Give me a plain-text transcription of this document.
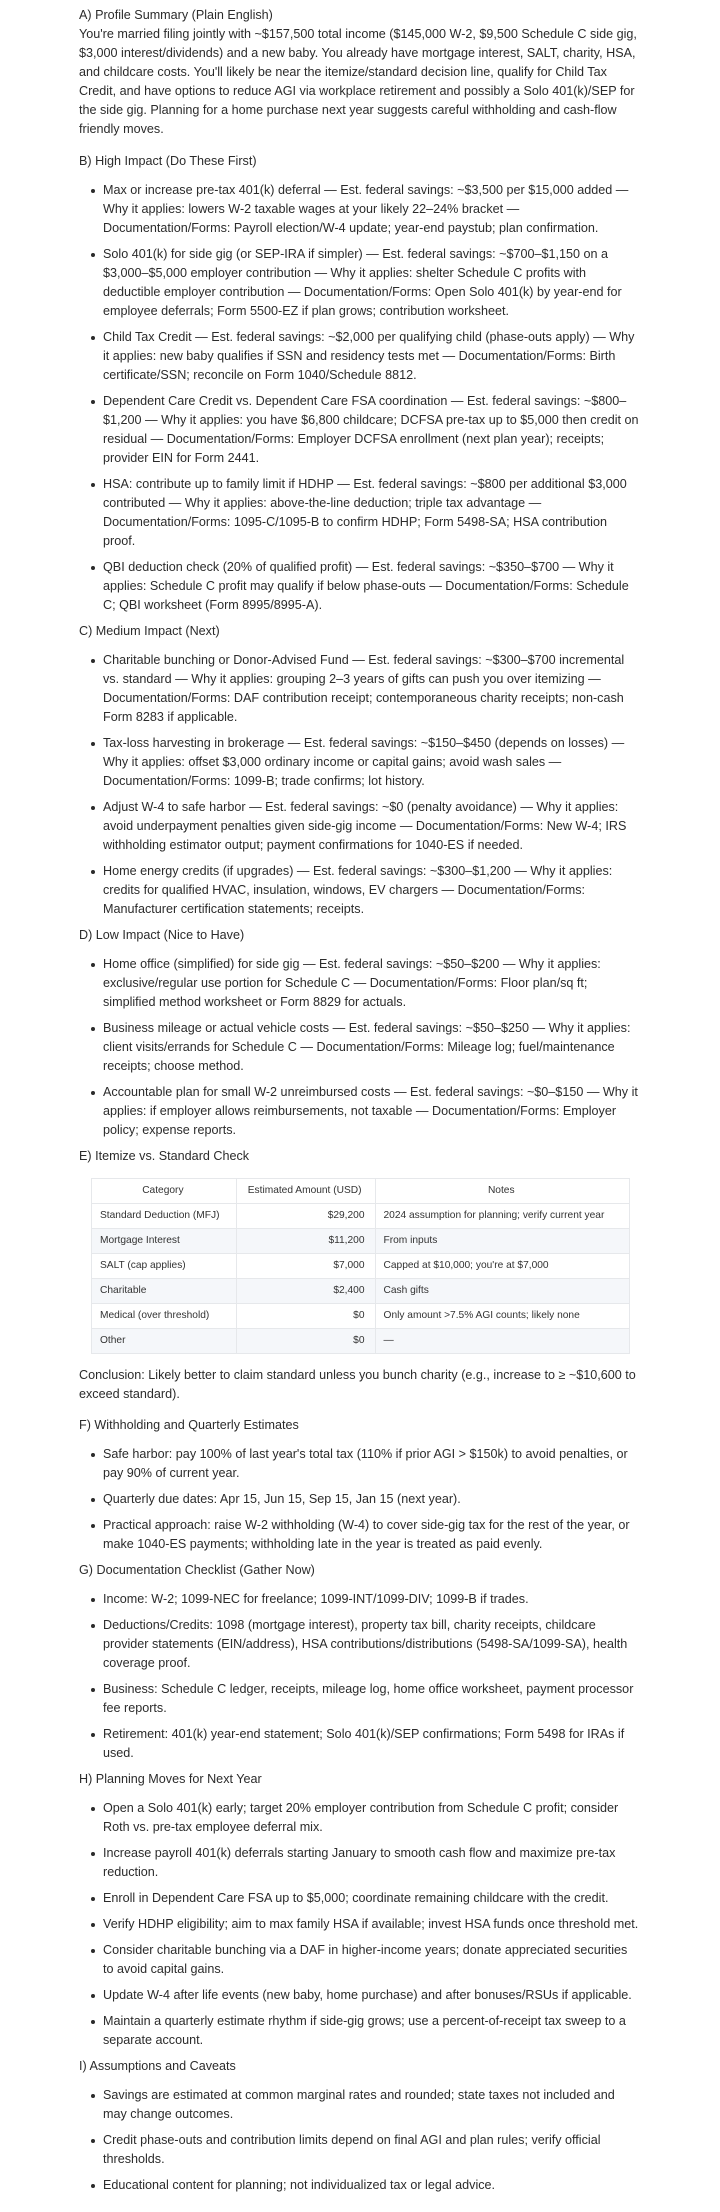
A) Profile Summary (Plain English)

You're married filing jointly with ~$157,500 total income ($145,000 W-2, $9,500 Schedule C side gig, $3,000 interest/dividends) and a new baby. You already have mortgage interest, SALT, charity, HSA, and childcare costs. You'll likely be near the itemize/standard decision line, qualify for Child Tax Credit, and have options to reduce AGI via workplace retirement and possibly a Solo 401(k)/SEP for the side gig. Planning for a home purchase next year suggests careful withholding and cash-flow friendly moves.

B) High Impact (Do These First)
Max or increase pre-tax 401(k) deferral — Est. federal savings: ~$3,500 per $15,000 added — Why it applies: lowers W-2 taxable wages at your likely 22–24% bracket — Documentation/Forms: Payroll election/W-4 update; year-end paystub; plan confirmation.
Solo 401(k) for side gig (or SEP-IRA if simpler) — Est. federal savings: ~$700–$1,150 on a $3,000–$5,000 employer contribution — Why it applies: shelter Schedule C profits with deductible employer contribution — Documentation/Forms: Open Solo 401(k) by year-end for employee deferrals; Form 5500-EZ if plan grows; contribution worksheet.
Child Tax Credit — Est. federal savings: ~$2,000 per qualifying child (phase-outs apply) — Why it applies: new baby qualifies if SSN and residency tests met — Documentation/Forms: Birth certificate/SSN; reconcile on Form 1040/Schedule 8812.
Dependent Care Credit vs. Dependent Care FSA coordination — Est. federal savings: ~$800–$1,200 — Why it applies: you have $6,800 childcare; DCFSA pre-tax up to $5,000 then credit on residual — Documentation/Forms: Employer DCFSA enrollment (next plan year); receipts; provider EIN for Form 2441.
HSA: contribute up to family limit if HDHP — Est. federal savings: ~$800 per additional $3,000 contributed — Why it applies: above-the-line deduction; triple tax advantage — Documentation/Forms: 1095-C/1095-B to confirm HDHP; Form 5498-SA; HSA contribution proof.
QBI deduction check (20% of qualified profit) — Est. federal savings: ~$350–$700 — Why it applies: Schedule C profit may qualify if below phase-outs — Documentation/Forms: Schedule C; QBI worksheet (Form 8995/8995-A).
C) Medium Impact (Next)
Charitable bunching or Donor-Advised Fund — Est. federal savings: ~$300–$700 incremental vs. standard — Why it applies: grouping 2–3 years of gifts can push you over itemizing — Documentation/Forms: DAF contribution receipt; contemporaneous charity receipts; non-cash Form 8283 if applicable.
Tax-loss harvesting in brokerage — Est. federal savings: ~$150–$450 (depends on losses) — Why it applies: offset $3,000 ordinary income or capital gains; avoid wash sales — Documentation/Forms: 1099-B; trade confirms; lot history.
Adjust W-4 to safe harbor — Est. federal savings: ~$0 (penalty avoidance) — Why it applies: avoid underpayment penalties given side-gig income — Documentation/Forms: New W-4; IRS withholding estimator output; payment confirmations for 1040-ES if needed.
Home energy credits (if upgrades) — Est. federal savings: ~$300–$1,200 — Why it applies: credits for qualified HVAC, insulation, windows, EV chargers — Documentation/Forms: Manufacturer certification statements; receipts.
D) Low Impact (Nice to Have)
Home office (simplified) for side gig — Est. federal savings: ~$50–$200 — Why it applies: exclusive/regular use portion for Schedule C — Documentation/Forms: Floor plan/sq ft; simplified method worksheet or Form 8829 for actuals.
Business mileage or actual vehicle costs — Est. federal savings: ~$50–$250 — Why it applies: client visits/errands for Schedule C — Documentation/Forms: Mileage log; fuel/maintenance receipts; choose method.
Accountable plan for small W-2 unreimbursed costs — Est. federal savings: ~$0–$150 — Why it applies: if employer allows reimbursements, not taxable — Documentation/Forms: Employer policy; expense reports.
E) Itemize vs. Standard Check
Category	Estimated Amount (USD)	Notes
Standard Deduction (MFJ)	$29,200	2024 assumption for planning; verify current year
Mortgage Interest	$11,200	From inputs
SALT (cap applies)	$7,000	Capped at $10,000; you're at $7,000
Charitable	$2,400	Cash gifts
Medical (over threshold)	$0	Only amount >7.5% AGI counts; likely none
Other	$0	—

Conclusion: Likely better to claim standard unless you bunch charity (e.g., increase to ≥ ~$10,600 to exceed standard).

F) Withholding and Quarterly Estimates
Safe harbor: pay 100% of last year's total tax (110% if prior AGI > $150k) to avoid penalties, or pay 90% of current year.
Quarterly due dates: Apr 15, Jun 15, Sep 15, Jan 15 (next year).
Practical approach: raise W-2 withholding (W-4) to cover side-gig tax for the rest of the year, or make 1040-ES payments; withholding late in the year is treated as paid evenly.
G) Documentation Checklist (Gather Now)
Income: W-2; 1099-NEC for freelance; 1099-INT/1099-DIV; 1099-B if trades.
Deductions/Credits: 1098 (mortgage interest), property tax bill, charity receipts, childcare provider statements (EIN/address), HSA contributions/distributions (5498-SA/1099-SA), health coverage proof.
Business: Schedule C ledger, receipts, mileage log, home office worksheet, payment processor fee reports.
Retirement: 401(k) year-end statement; Solo 401(k)/SEP confirmations; Form 5498 for IRAs if used.
H) Planning Moves for Next Year
Open a Solo 401(k) early; target 20% employer contribution from Schedule C profit; consider Roth vs. pre-tax employee deferral mix.
Increase payroll 401(k) deferrals starting January to smooth cash flow and maximize pre-tax reduction.
Enroll in Dependent Care FSA up to $5,000; coordinate remaining childcare with the credit.
Verify HDHP eligibility; aim to max family HSA if available; invest HSA funds once threshold met.
Consider charitable bunching via a DAF in higher-income years; donate appreciated securities to avoid capital gains.
Update W-4 after life events (new baby, home purchase) and after bonuses/RSUs if applicable.
Maintain a quarterly estimate rhythm if side-gig grows; use a percent-of-receipt tax sweep to a separate account.
I) Assumptions and Caveats
Savings are estimated at common marginal rates and rounded; state taxes not included and may change outcomes.
Credit phase-outs and contribution limits depend on final AGI and plan rules; verify official thresholds.
Educational content for planning; not individualized tax or legal advice.
